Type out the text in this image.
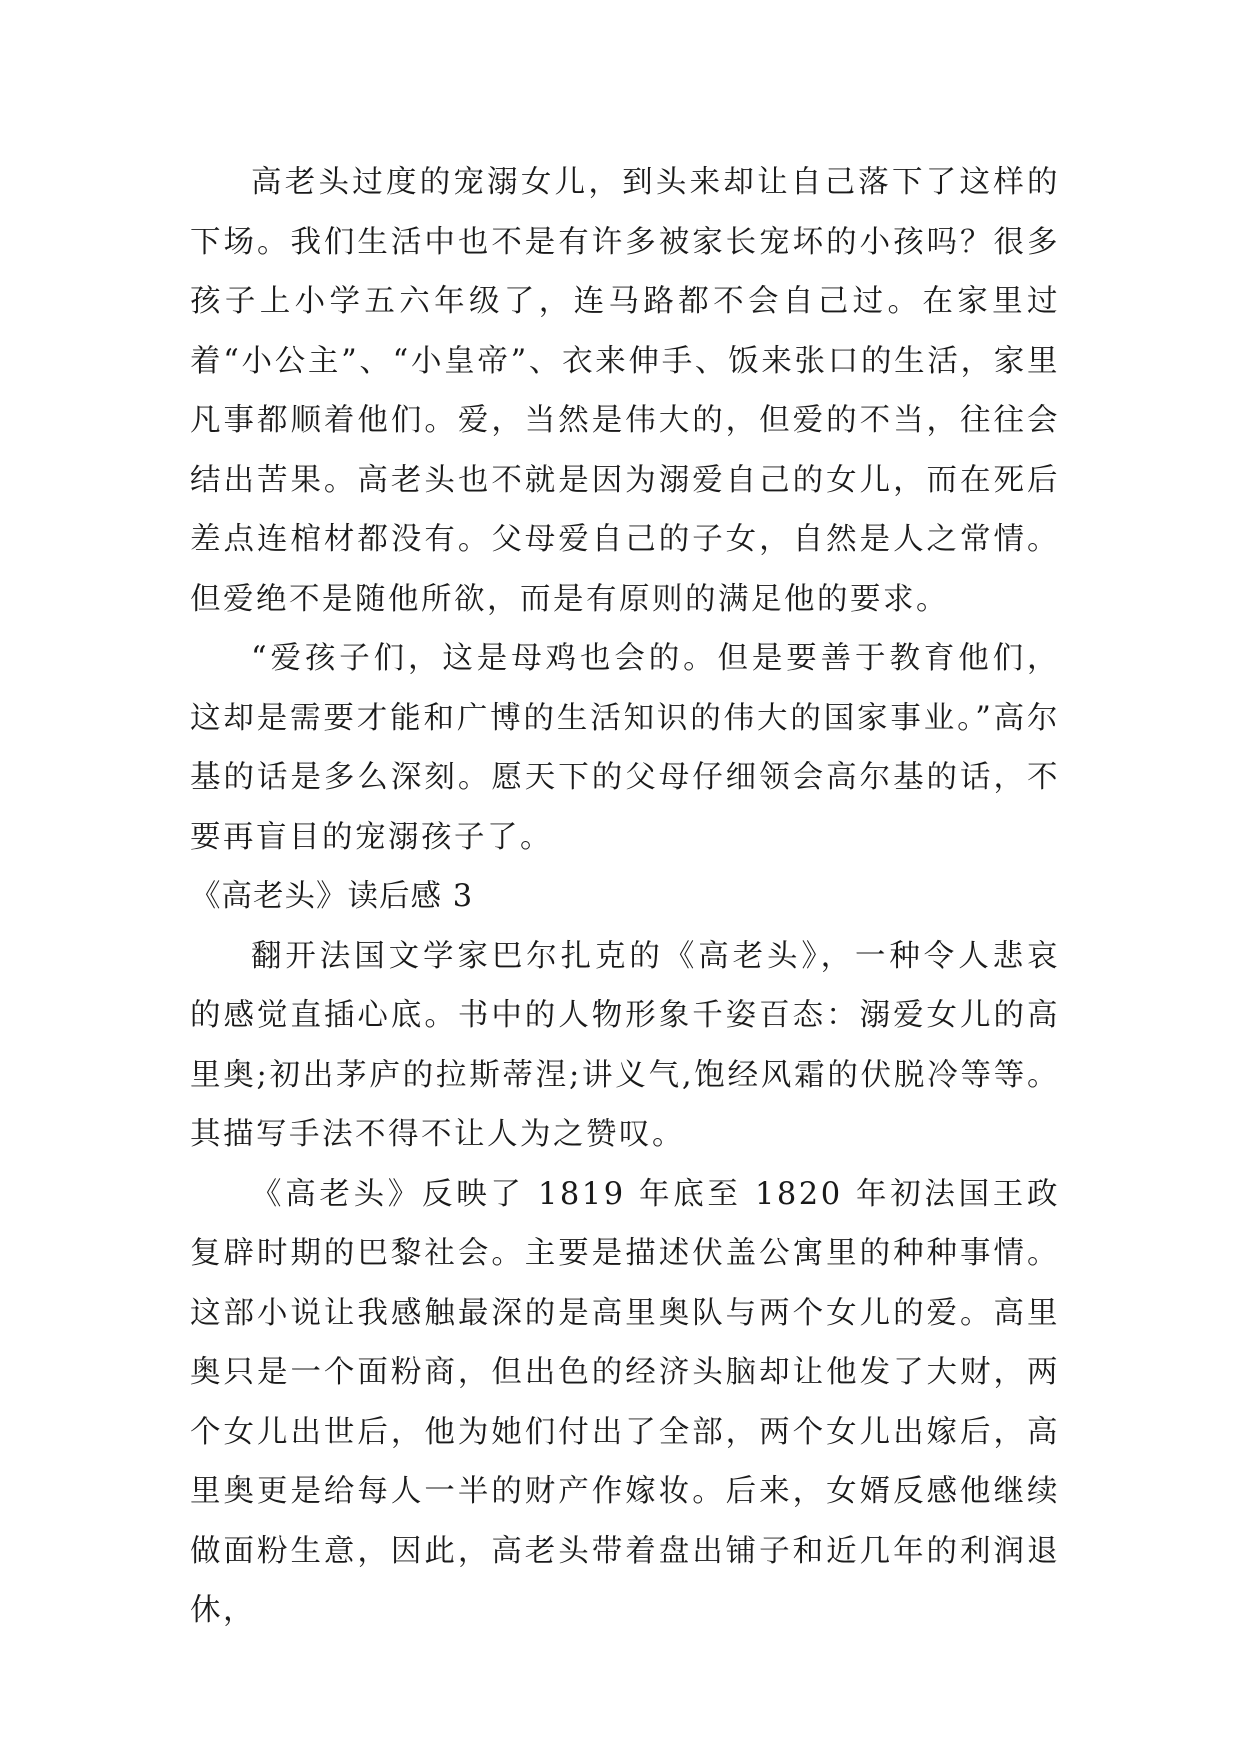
高老头过度的宠溺女儿，到头来却让自己落下了这样的下场。我们生活中也不是有许多被家长宠坏的小孩吗？很多孩子上小学五六年级了，连马路都不会自己过。在家里过着“小公主”、“小皇帝”、衣来伸手、饭来张口的生活，家里凡事都顺着他们。爱，当然是伟大的，但爱的不当，往往会结出苦果。高老头也不就是因为溺爱自己的女儿，而在死后差点连棺材都没有。父母爱自己的子女，自然是人之常情。但爱绝不是随他所欲，而是有原则的满足他的要求。

“爱孩子们，这是母鸡也会的。但是要善于教育他们，这却是需要才能和广博的生活知识的伟大的国家事业。”高尔基的话是多么深刻。愿天下的父母仔细领会高尔基的话，不要再盲目的宠溺孩子了。

《高老头》读后感 3

翻开法国文学家巴尔扎克的《高老头》，一种令人悲哀的感觉直插心底。书中的人物形象千姿百态：溺爱女儿的高里奥;初出茅庐的拉斯蒂涅;讲义气,饱经风霜的伏脱冷等等。其描写手法不得不让人为之赞叹。

《高老头》反映了 1819 年底至 1820 年初法国王政复辟时期的巴黎社会。主要是描述伏盖公寓里的种种事情。这部小说让我感触最深的是高里奥队与两个女儿的爱。高里奥只是一个面粉商，但出色的经济头脑却让他发了大财，两个女儿出世后，他为她们付出了全部，两个女儿出嫁后，高里奥更是给每人一半的财产作嫁妆。后来，女婿反感他继续做面粉生意，因此，高老头带着盘出铺子和近几年的利润退休，
